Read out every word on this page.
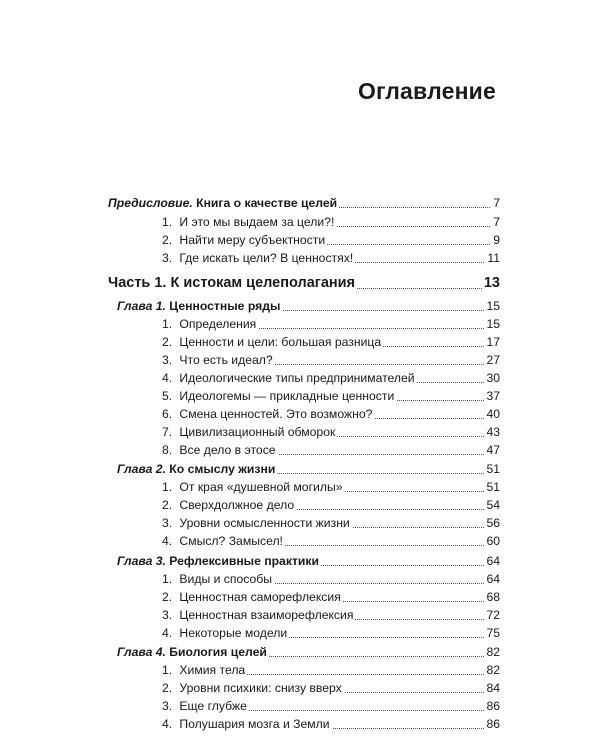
Оглавление
Предисловие. Книга о качестве целей	7
1. И это мы выдаем за цели?!	7
2. Найти меру субъектности	9
3. Где искать цели? В ценностях!	11
Часть 1. К истокам целеполагания	13
Глава 1. Ценностные ряды	15
1. Определения	15
2. Ценности и цели: большая разница	17
3. Что есть идеал?	27
4. Идеологические типы предпринимателей	30
5. Идеологемы — прикладные ценности	37
6. Смена ценностей. Это возможно?	40
7. Цивилизационный обморок	43
8. Все дело в этосе	47
Глава 2. Ко смыслу жизни	51
1. От края «душевной могилы»	51
2. Сверхдолжное дело	54
3. Уровни осмысленности жизни	56
4. Смысл? Замысел!	60
Глава 3. Рефлексивные практики	64
1. Виды и способы	64
2. Ценностная саморефлексия	68
3. Ценностная взаиморефлексия	72
4. Некоторые модели	75
Глава 4. Биология целей	82
1. Химия тела	82
2. Уровни психики: снизу вверх	84
3. Еще глубже	86
4. Полушария мозга и Земли	86
